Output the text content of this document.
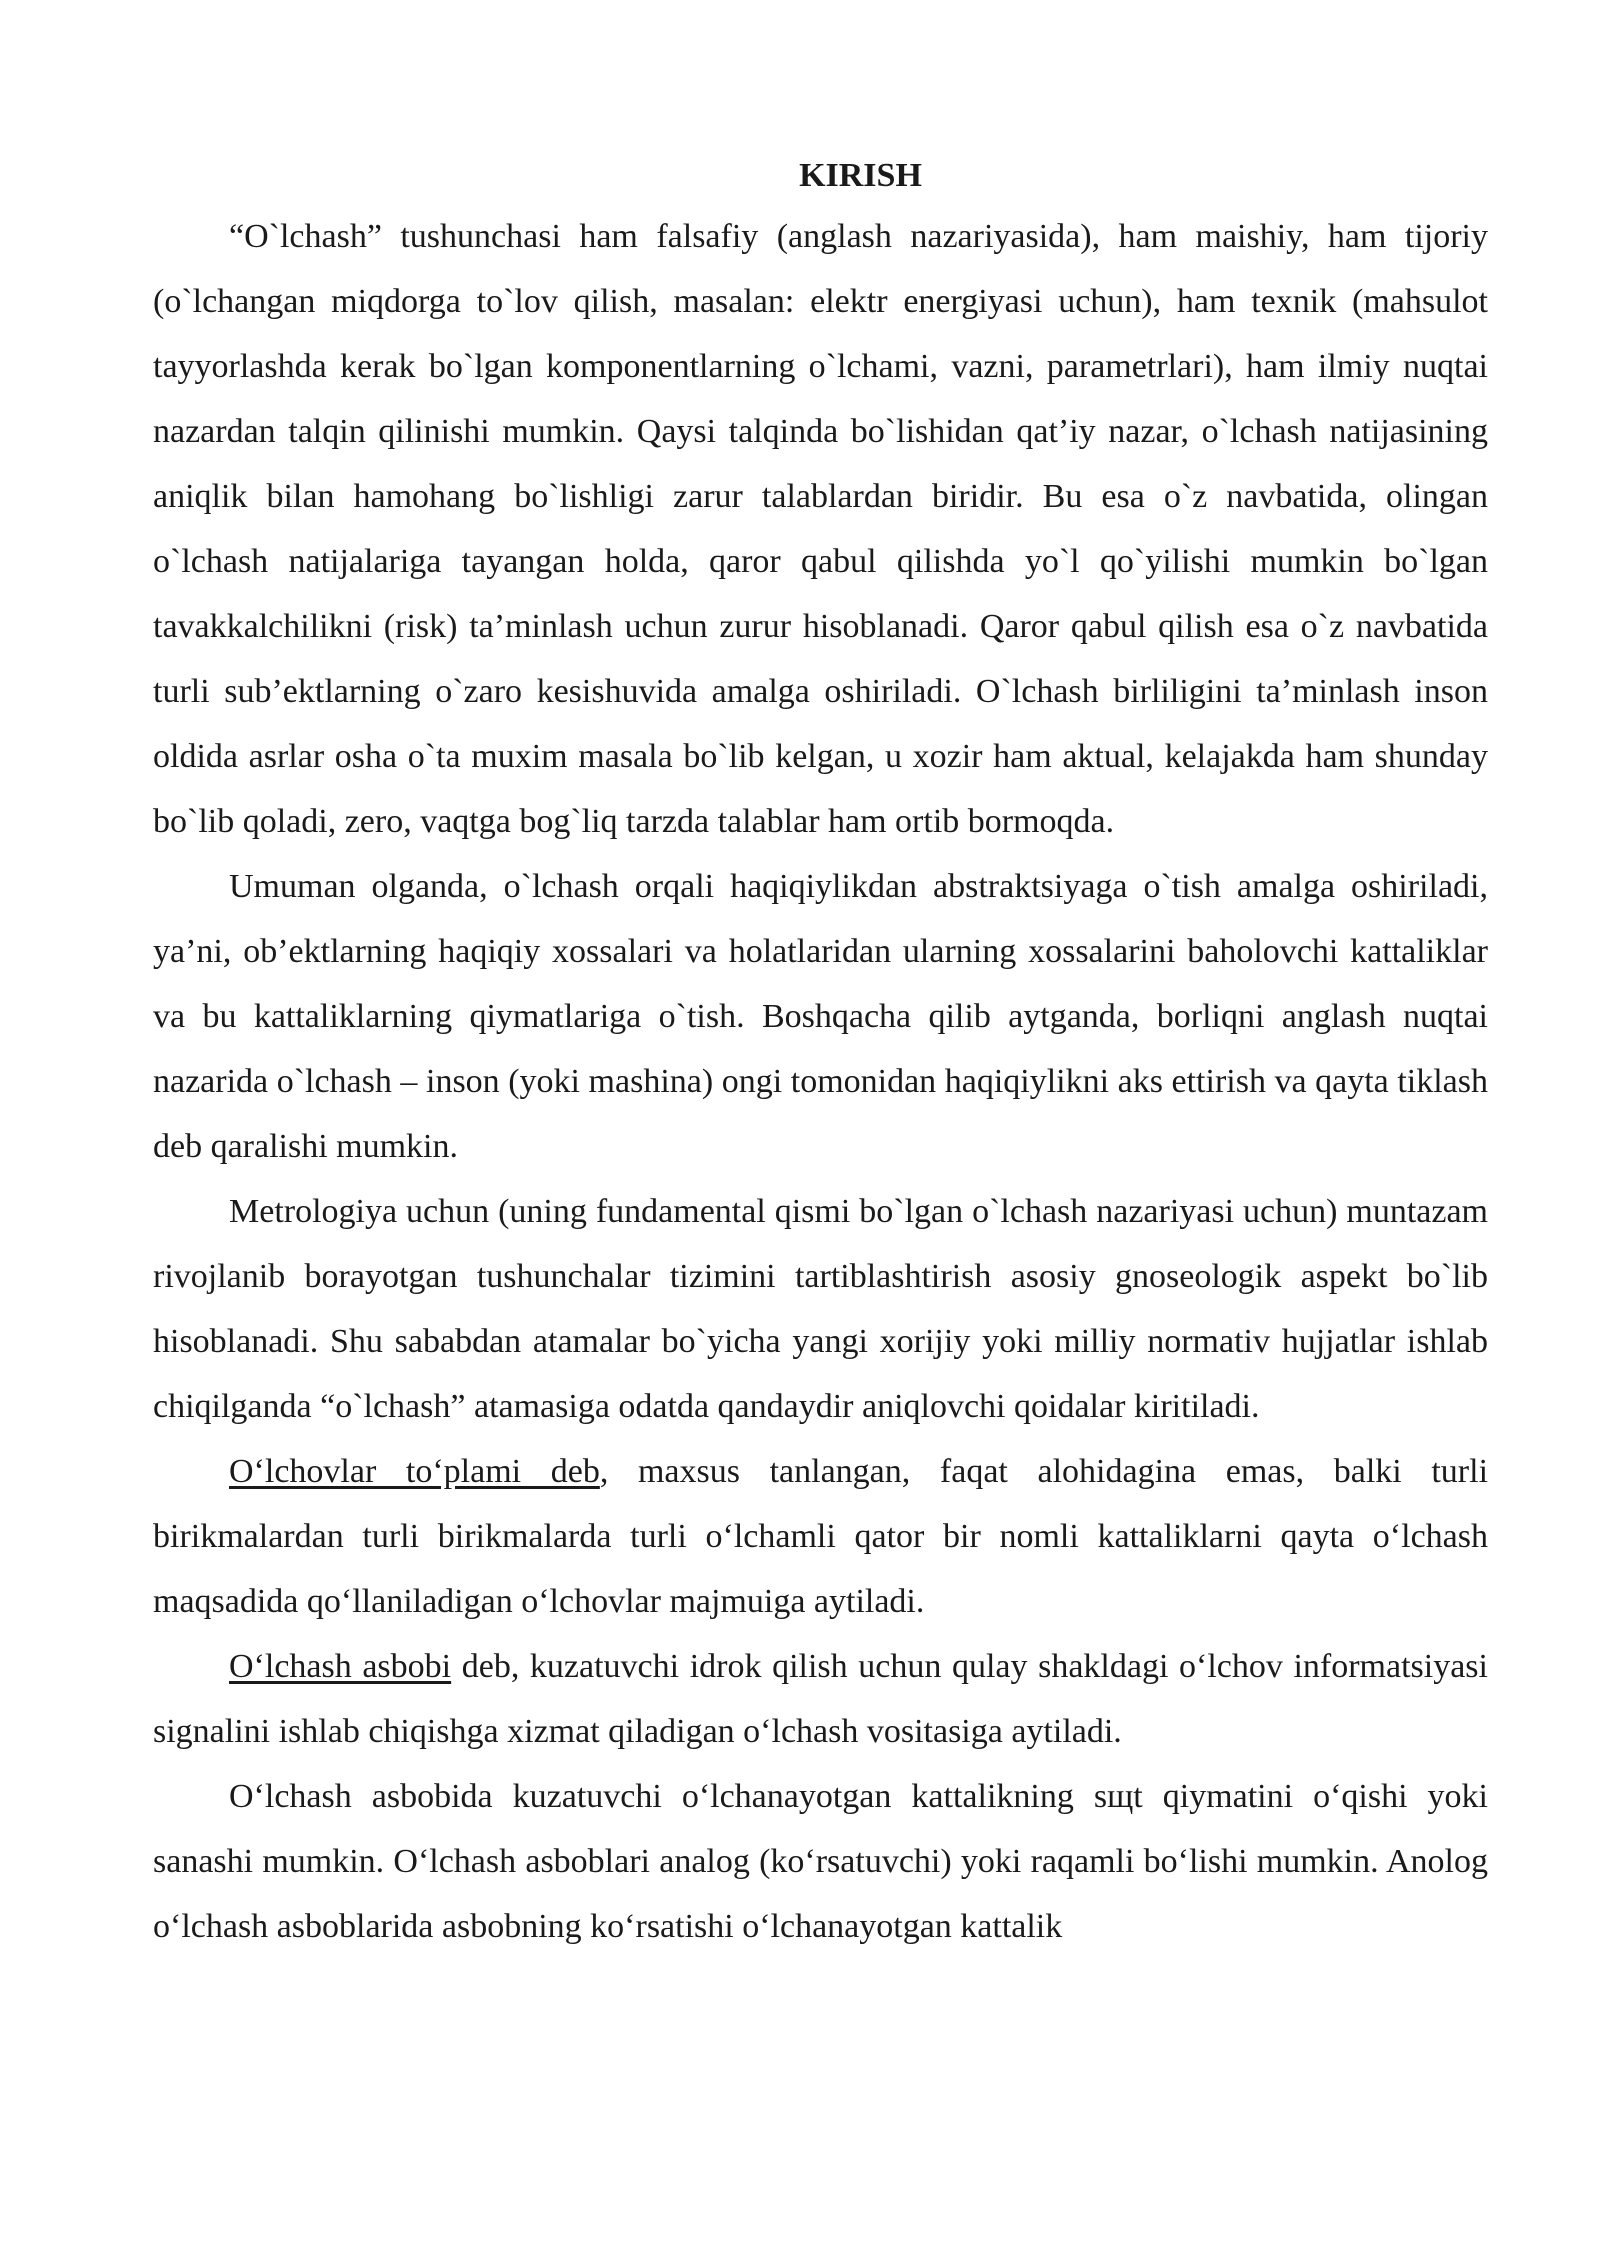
KIRISH

“O`lchash” tushunchasi ham falsafiy (anglash nazariyasida), ham maishiy, ham tijoriy (o`lchangan miqdorga to`lov qilish, masalan: elektr energiyasi uchun), ham texnik (mahsulot tayyorlashda kerak bo`lgan komponentlarning o`lchami, vazni, parametrlari), ham ilmiy nuqtai nazardan talqin qilinishi mumkin. Qaysi talqinda bo`lishidan qat’iy nazar, o`lchash natijasining aniqlik bilan hamohang bo`lishligi zarur talablardan biridir. Bu esa o`z navbatida, olingan o`lchash natijalariga tayangan holda, qaror qabul qilishda yo`l qo`yilishi mumkin bo`lgan tavakkalchilikni (risk) ta’minlash uchun zurur hisoblanadi. Qaror qabul qilish esa o`z navbatida turli sub’ektlarning o`zaro kesishuvida amalga oshiriladi. O`lchash birliligini ta’minlash inson oldida asrlar osha o`ta muxim masala bo`lib kelgan, u xozir ham aktual, kelajakda ham shunday bo`lib qoladi, zero, vaqtga bog`liq tarzda talablar ham ortib bormoqda.

Umuman olganda, o`lchash orqali haqiqiylikdan abstraktsiyaga o`tish amalga oshiriladi, ya’ni, ob’ektlarning haqiqiy xossalari va holatlaridan ularning xossalarini baholovchi kattaliklar va bu kattaliklarning qiymatlariga o`tish. Boshqacha qilib aytganda, borliqni anglash nuqtai nazarida o`lchash – inson (yoki mashina) ongi tomonidan haqiqiylikni aks ettirish va qayta tiklash deb qaralishi mumkin.

Metrologiya uchun (uning fundamental qismi bo`lgan o`lchash nazariyasi uchun) muntazam rivojlanib borayotgan tushunchalar tizimini tartiblashtirish asosiy gnoseologik aspekt bo`lib hisoblanadi. Shu sababdan atamalar bo`yicha yangi xorijiy yoki milliy normativ hujjatlar ishlab chiqilganda “o`lchash” atamasiga odatda qandaydir aniqlovchi qoidalar kiritiladi.

O‘lchovlar to‘plami deb, maxsus tanlangan, faqat alohidagina emas, balki turli birikmalardan turli birikmalarda turli o‘lchamli qator bir nomli kattaliklarni qayta o‘lchash maqsadida qo‘llaniladigan o‘lchovlar majmuiga aytiladi.

O‘lchash asbobi deb, kuzatuvchi idrok qilish uchun qulay shakldagi o‘lchov informatsiyasi signalini ishlab chiqishga xizmat qiladigan o‘lchash vositasiga aytiladi.

O‘lchash asbobida kuzatuvchi o‘lchanayotgan kattalikning sщt qiymatini o‘qishi yoki sanashi mumkin. O‘lchash asboblari analog (ko‘rsatuvchi) yoki raqamli bo‘lishi mumkin. Anolog o‘lchash asboblarida asbobning ko‘rsatishi o‘lchanayotgan kattalik
